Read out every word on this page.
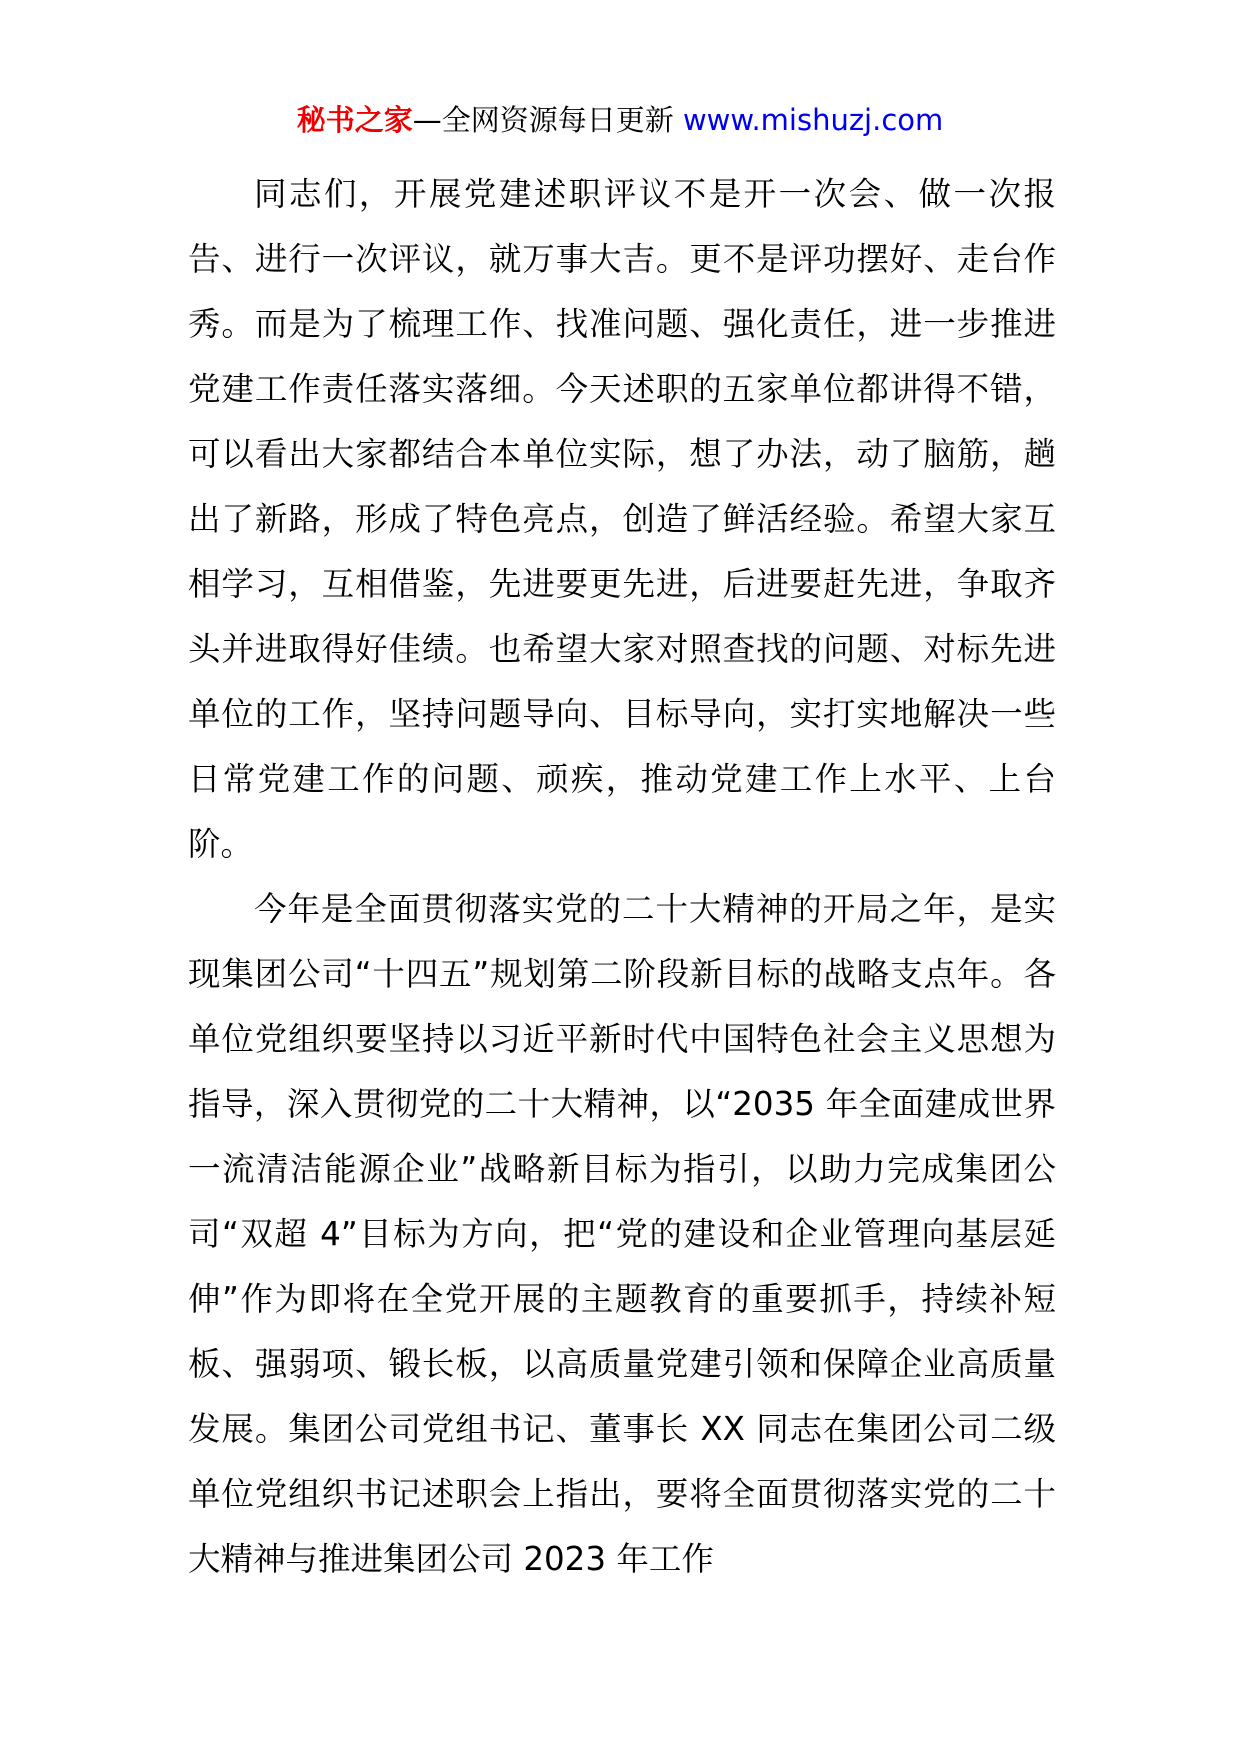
秘书之家—全网资源每日更新 www.mishuzj.com

同志们，开展党建述职评议不是开一次会、做一次报告、进行一次评议，就万事大吉。更不是评功摆好、走台作秀。而是为了梳理工作、找准问题、强化责任，进一步推进党建工作责任落实落细。今天述职的五家单位都讲得不错，可以看出大家都结合本单位实际，想了办法，动了脑筋，趟出了新路，形成了特色亮点，创造了鲜活经验。希望大家互相学习，互相借鉴，先进要更先进，后进要赶先进，争取齐头并进取得好佳绩。也希望大家对照查找的问题、对标先进单位的工作，坚持问题导向、目标导向，实打实地解决一些日常党建工作的问题、顽疾，推动党建工作上水平、上台阶。

今年是全面贯彻落实党的二十大精神的开局之年，是实现集团公司“十四五”规划第二阶段新目标的战略支点年。各单位党组织要坚持以习近平新时代中国特色社会主义思想为指导，深入贯彻党的二十大精神，以“2035 年全面建成世界一流清洁能源企业”战略新目标为指引，以助力完成集团公司“双超 4”目标为方向，把“党的建设和企业管理向基层延伸”作为即将在全党开展的主题教育的重要抓手，持续补短板、强弱项、锻长板，以高质量党建引领和保障企业高质量发展。集团公司党组书记、董事长 XX 同志在集团公司二级单位党组织书记述职会上指出，要将全面贯彻落实党的二十大精神与推进集团公司 2023 年工作
